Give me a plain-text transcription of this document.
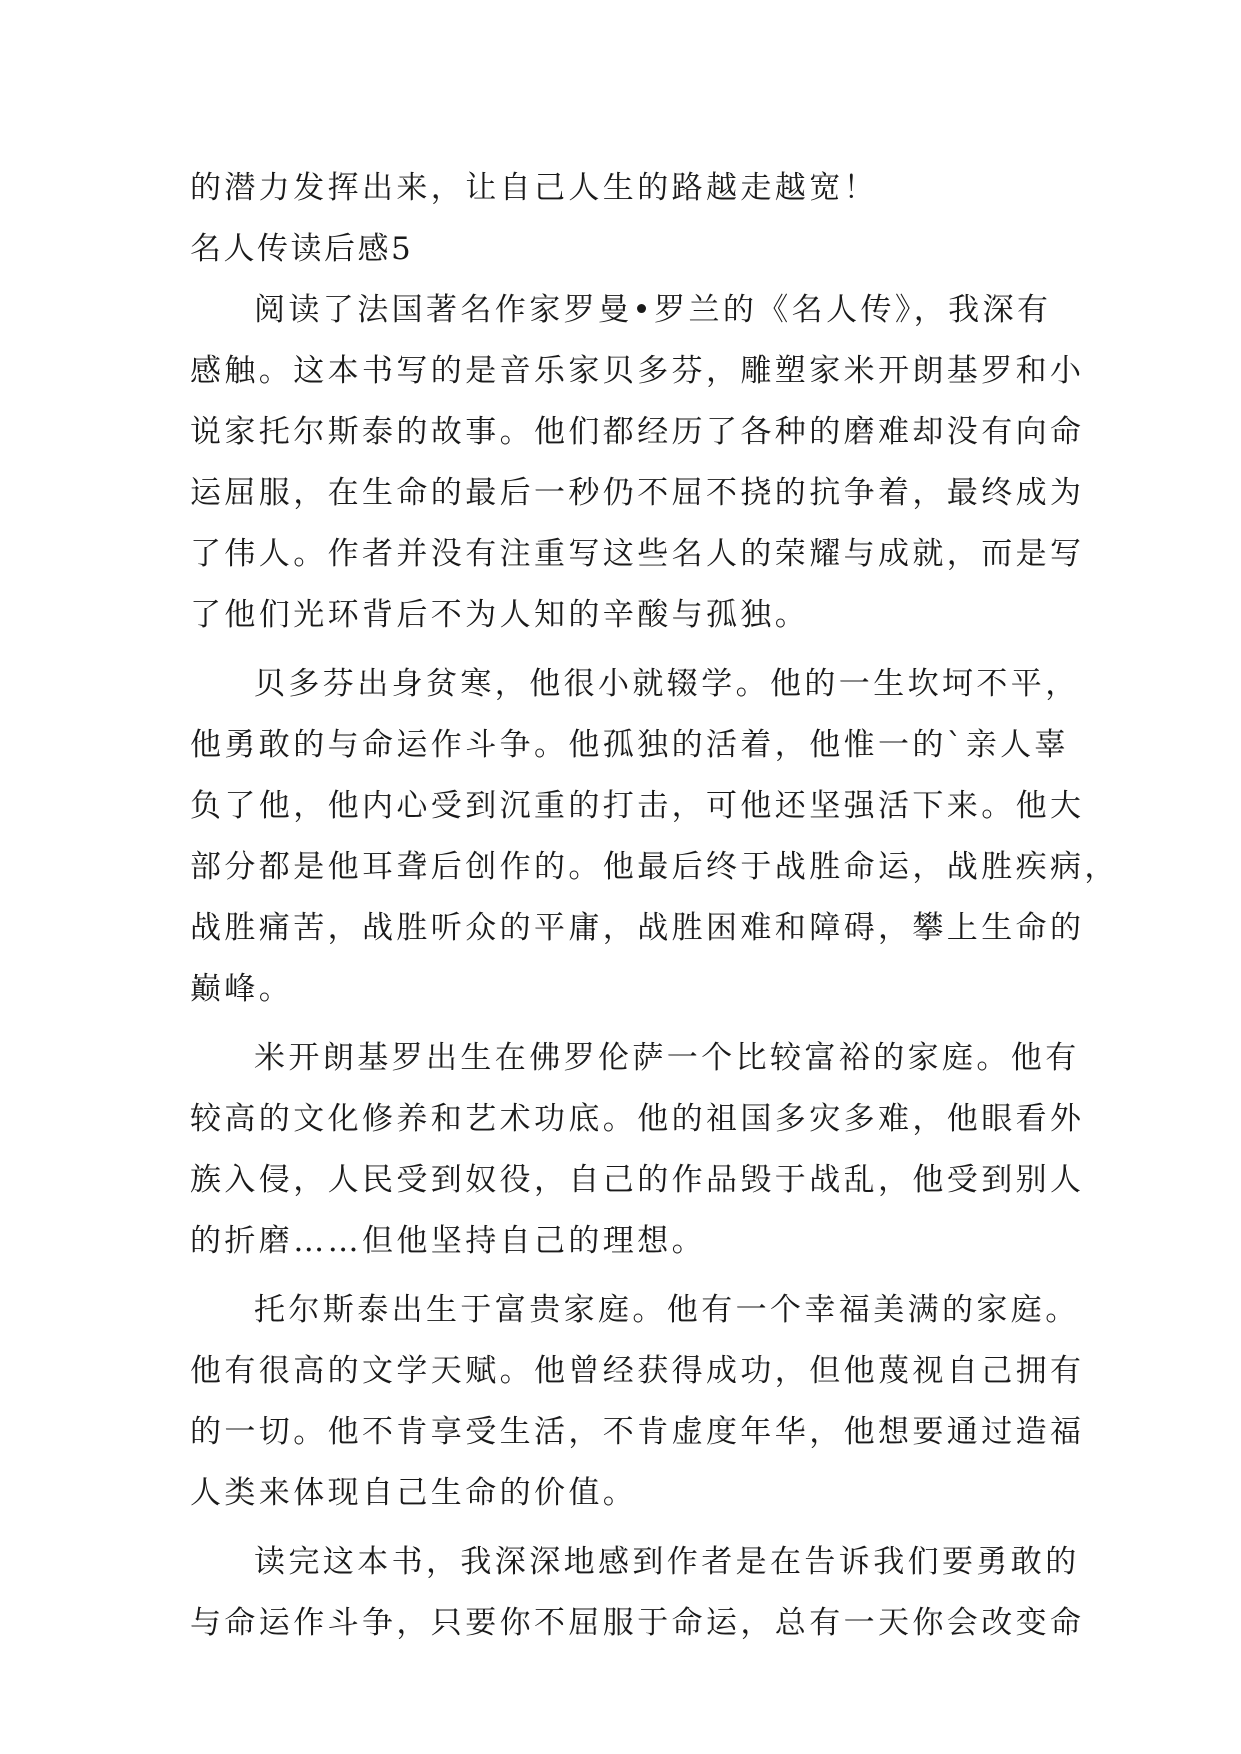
的潜力发挥出来，让自己人生的路越走越宽！
名人传读后感5
阅读了法国著名作家罗曼•罗兰的《名人传》，我深有
感触。这本书写的是音乐家贝多芬，雕塑家米开朗基罗和小
说家托尔斯泰的故事。他们都经历了各种的磨难却没有向命
运屈服，在生命的最后一秒仍不屈不挠的抗争着，最终成为
了伟人。作者并没有注重写这些名人的荣耀与成就，而是写
了他们光环背后不为人知的辛酸与孤独。
贝多芬出身贫寒，他很小就辍学。他的一生坎坷不平，
他勇敢的与命运作斗争。他孤独的活着，他惟一的`亲人辜
负了他，他内心受到沉重的打击，可他还坚强活下来。他大
部分都是他耳聋后创作的。他最后终于战胜命运，战胜疾病，
战胜痛苦，战胜听众的平庸，战胜困难和障碍，攀上生命的
巅峰。
米开朗基罗出生在佛罗伦萨一个比较富裕的家庭。他有
较高的文化修养和艺术功底。他的祖国多灾多难，他眼看外
族入侵，人民受到奴役，自己的作品毁于战乱，他受到别人
的折磨……但他坚持自己的理想。
托尔斯泰出生于富贵家庭。他有一个幸福美满的家庭。
他有很高的文学天赋。他曾经获得成功，但他蔑视自己拥有
的一切。他不肯享受生活，不肯虚度年华，他想要通过造福
人类来体现自己生命的价值。
读完这本书，我深深地感到作者是在告诉我们要勇敢的
与命运作斗争，只要你不屈服于命运，总有一天你会改变命
